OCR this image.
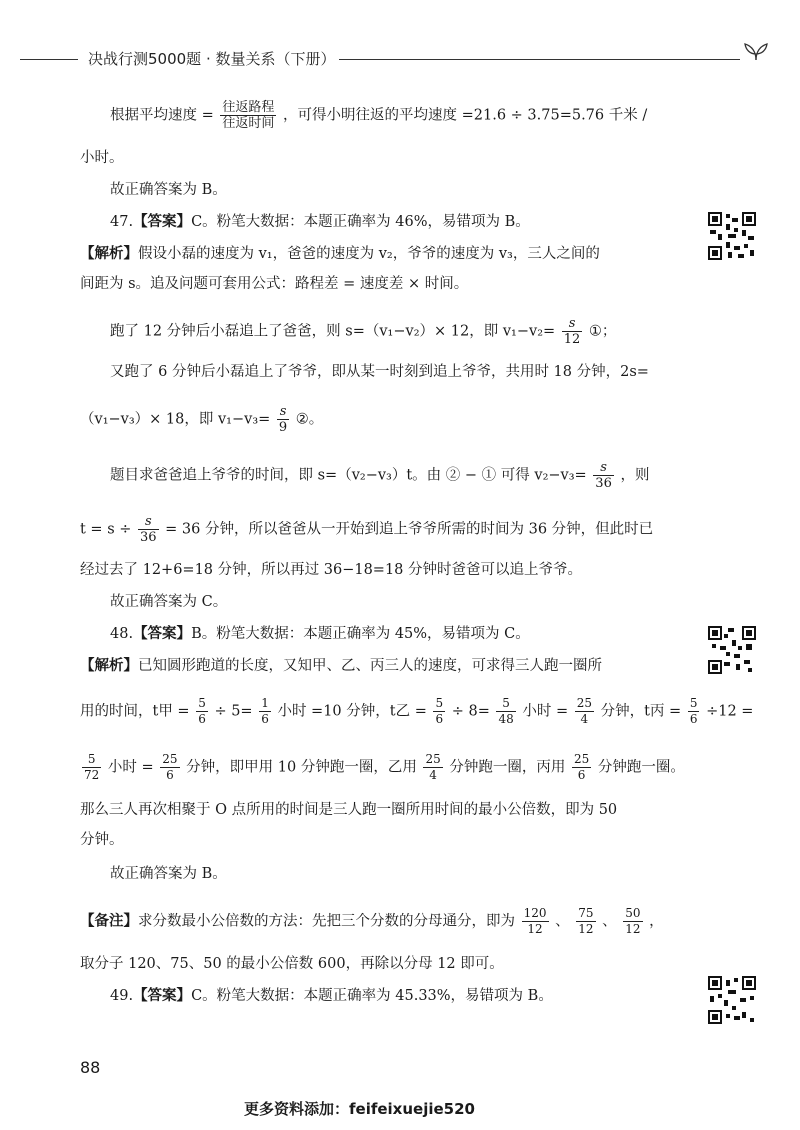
决战行测5000题 · 数量关系（下册）
根据平均速度 = $\frac{\text{往返路程}}{\text{往返时间}}$ ，可得小明往返的平均速度 =21.6 ÷ 3.75=5.76 千米 /
小时。
故正确答案为 B。
47.【答案】C。粉笔大数据：本题正确率为 46%，易错项为 B。
【解析】假设小磊的速度为 v₁，爸爸的速度为 v₂，爷爷的速度为 v₃，三人之间的
间距为 s。追及问题可套用公式：路程差 = 速度差 × 时间。
跑了 12 分钟后小磊追上了爸爸，则 s=（v₁−v₂）× 12，即 $v_1-v_2= \frac{s}{12}$ ①；
又跑了 6 分钟后小磊追上了爷爷，即从某一时刻到追上爷爷，共用时 18 分钟，2s=
（v₁−v₃）× 18，即 $v_1-v_3= \frac{s}{9}$ ②。
题目求爸爸追上爷爷的时间，即 s=（v₂−v₃）t。由 ② − ① 可得 $v_2-v_3= \frac{s}{36}$ ，则
$t = s \div \frac{s}{36} = 36$ 分钟，所以爸爸从一开始到追上爷爷所需的时间为 36 分钟，但此时已
经过去了 12+6=18 分钟，所以再过 36−18=18 分钟时爸爸可以追上爷爷。
故正确答案为 C。
48.【答案】B。粉笔大数据：本题正确率为 45%，易错项为 C。
【解析】已知圆形跑道的长度，又知甲、乙、丙三人的速度，可求得三人跑一圈所
用的时间，t甲 = $\frac{5}{6} \div 5= \frac{1}{6}$ 小时 =10 分钟，t乙 = $\frac{5}{6} \div 8= \frac{5}{48}$ 小时 = $\frac{25}{4}$ 分钟，t丙 = $\frac{5}{6} \div 12$ =
$\frac{5}{72}$ 小时 = $\frac{25}{6}$ 分钟，即甲用 10 分钟跑一圈，乙用 $\frac{25}{4}$ 分钟跑一圈，丙用 $\frac{25}{6}$ 分钟跑一圈。
那么三人再次相聚于 O 点所用的时间是三人跑一圈所用时间的最小公倍数，即为 50
分钟。
故正确答案为 B。
【备注】求分数最小公倍数的方法：先把三个分数的分母通分，即为 $\frac{120}{12}$ 、 $\frac{75}{12}$ 、 $\frac{50}{12}$ ，
取分子 120、75、50 的最小公倍数 600，再除以分母 12 即可。
49.【答案】C。粉笔大数据：本题正确率为 45.33%，易错项为 B。
88
更多资料添加：feifeixuejie520
